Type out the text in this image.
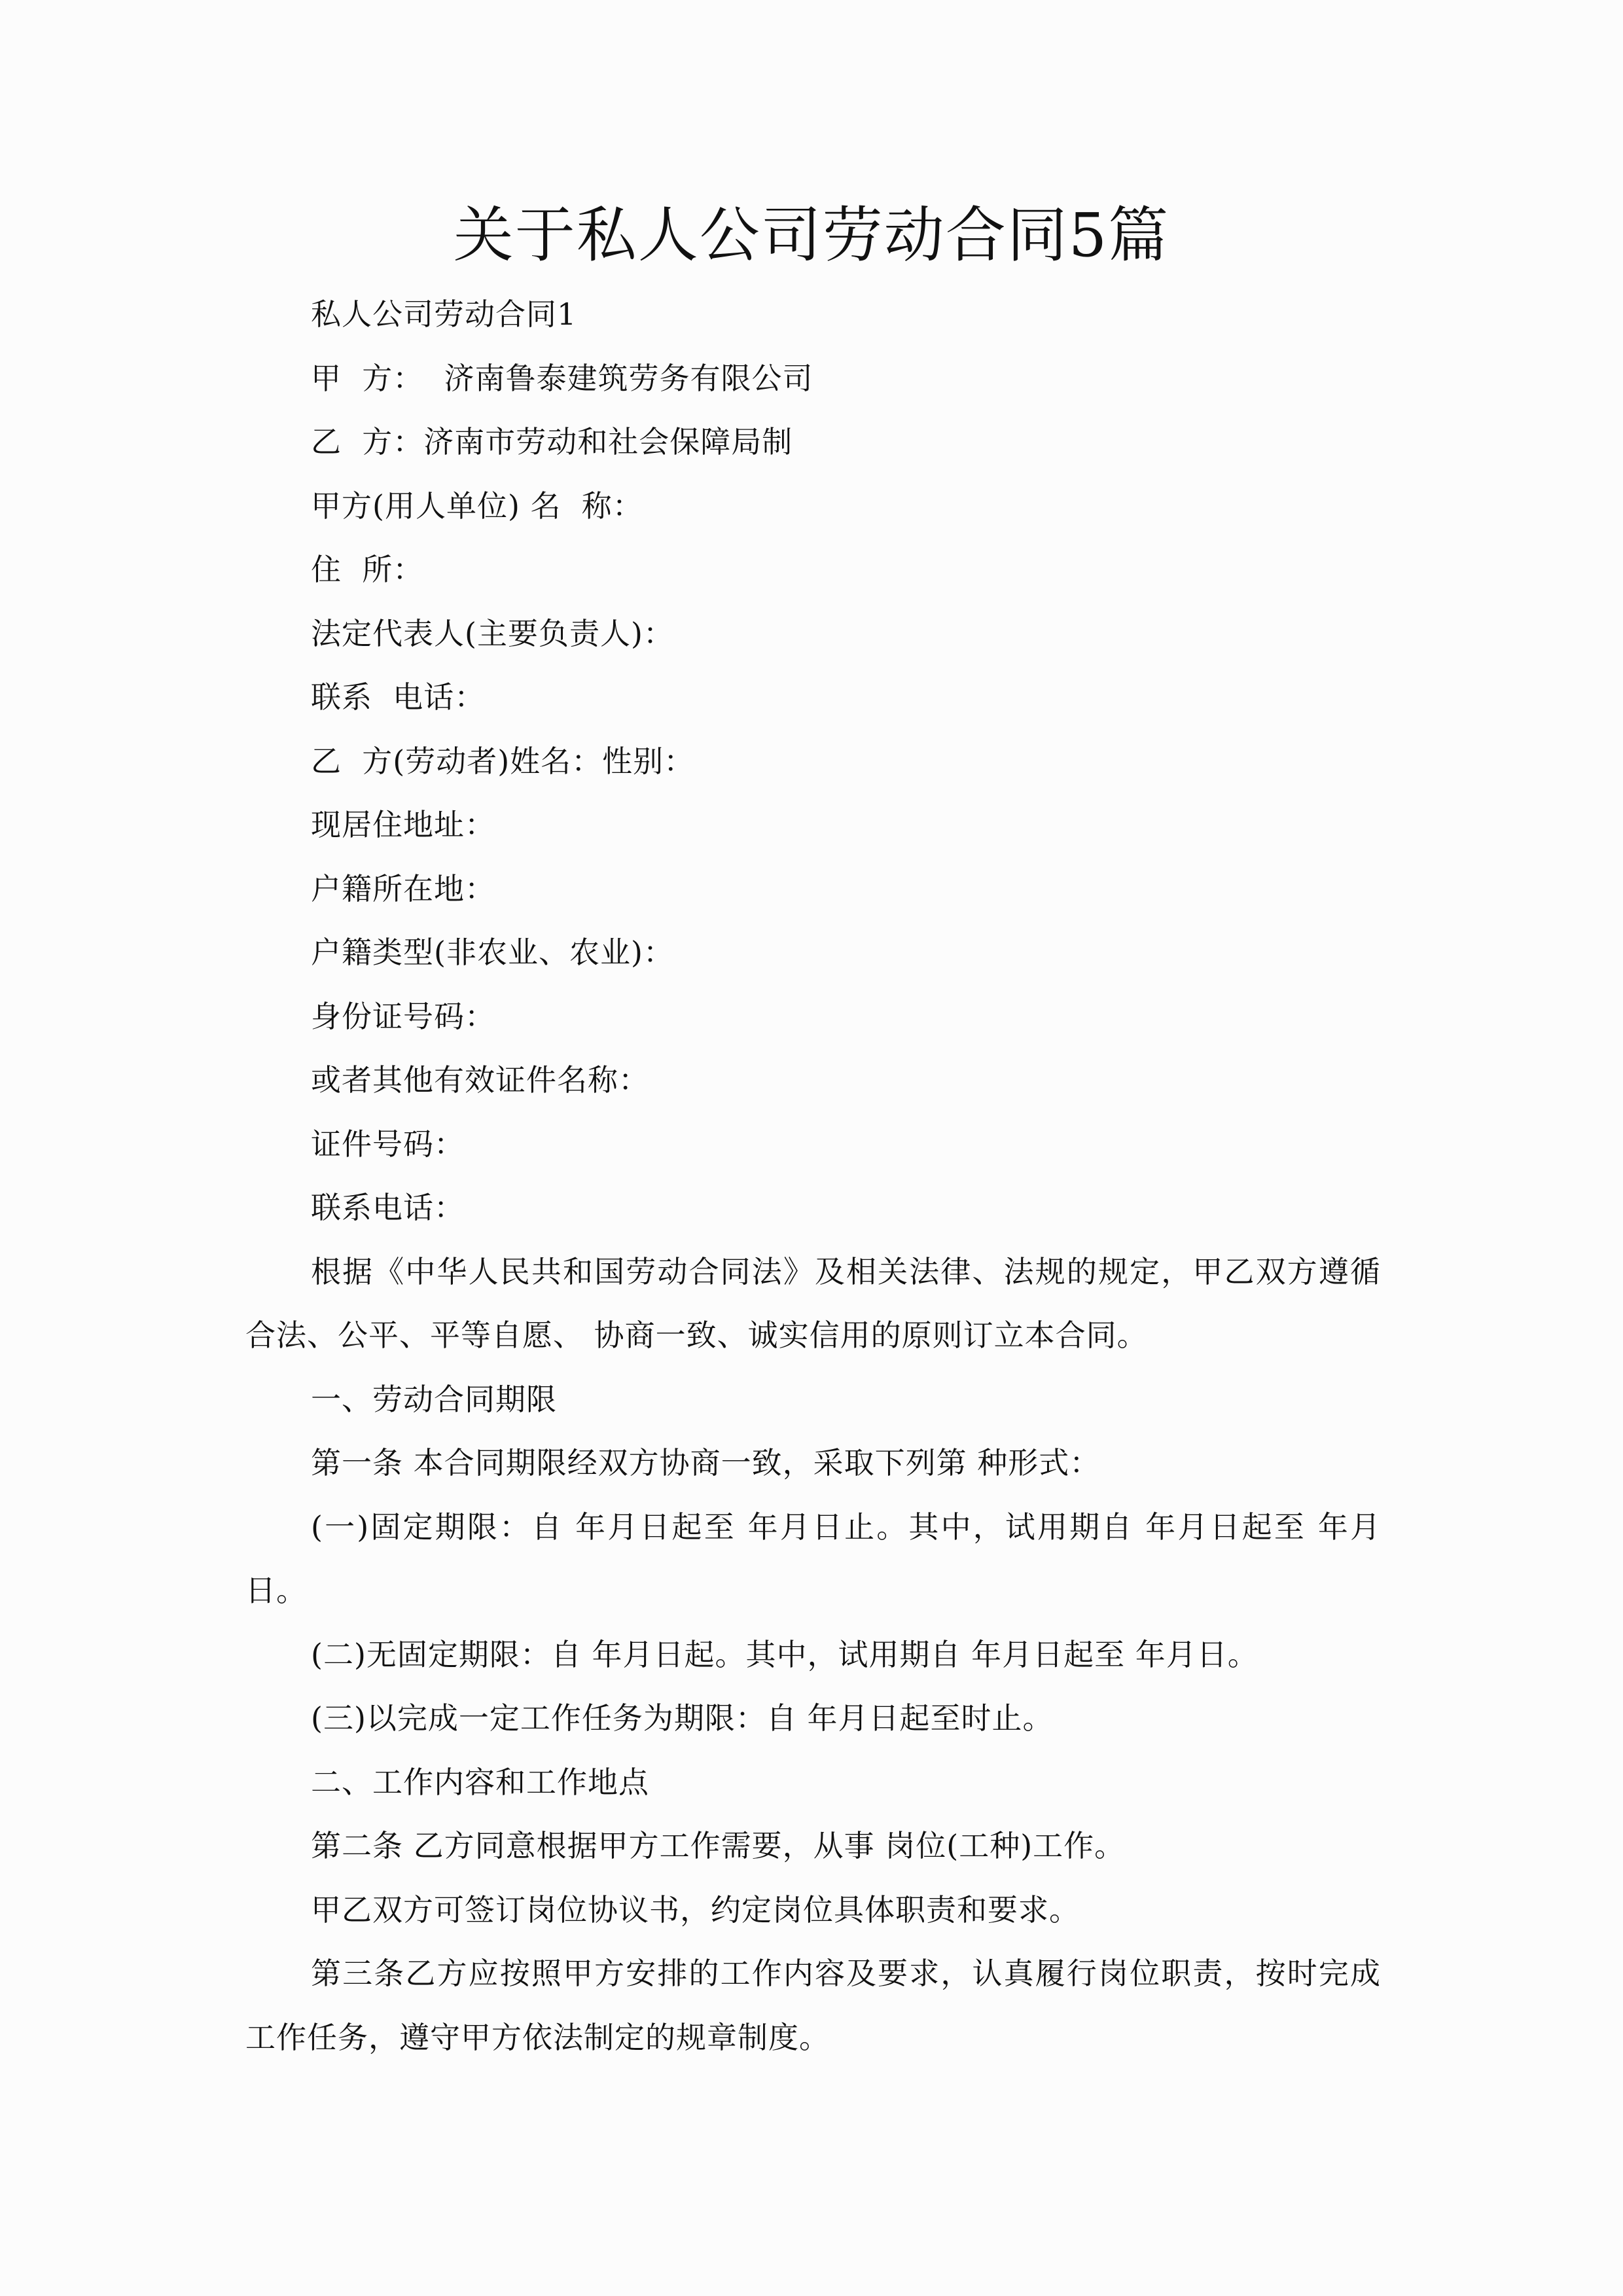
关于私人公司劳动合同5篇

私人公司劳动合同1

甲  方：  济南鲁泰建筑劳务有限公司

乙  方：济南市劳动和社会保障局制

甲方(用人单位) 名  称：

住  所：

法定代表人(主要负责人)：

联系  电话：

乙  方(劳动者)姓名：性别：

现居住地址：

户籍所在地：

户籍类型(非农业、农业)：

身份证号码：

或者其他有效证件名称：

证件号码：

联系电话：

根据《中华人民共和国劳动合同法》及相关法律、法规的规定，甲乙双方遵循合法、公平、平等自愿、 协商一致、诚实信用的原则订立本合同。

一、劳动合同期限

第一条 本合同期限经双方协商一致，采取下列第 种形式：

(一)固定期限：自 年月日起至 年月日止。其中，试用期自 年月日起至 年月日。

(二)无固定期限：自 年月日起。其中，试用期自 年月日起至 年月日。

(三)以完成一定工作任务为期限：自 年月日起至时止。

二、工作内容和工作地点

第二条 乙方同意根据甲方工作需要，从事 岗位(工种)工作。

甲乙双方可签订岗位协议书，约定岗位具体职责和要求。

第三条乙方应按照甲方安排的工作内容及要求，认真履行岗位职责，按时完成工作任务，遵守甲方依法制定的规章制度。
